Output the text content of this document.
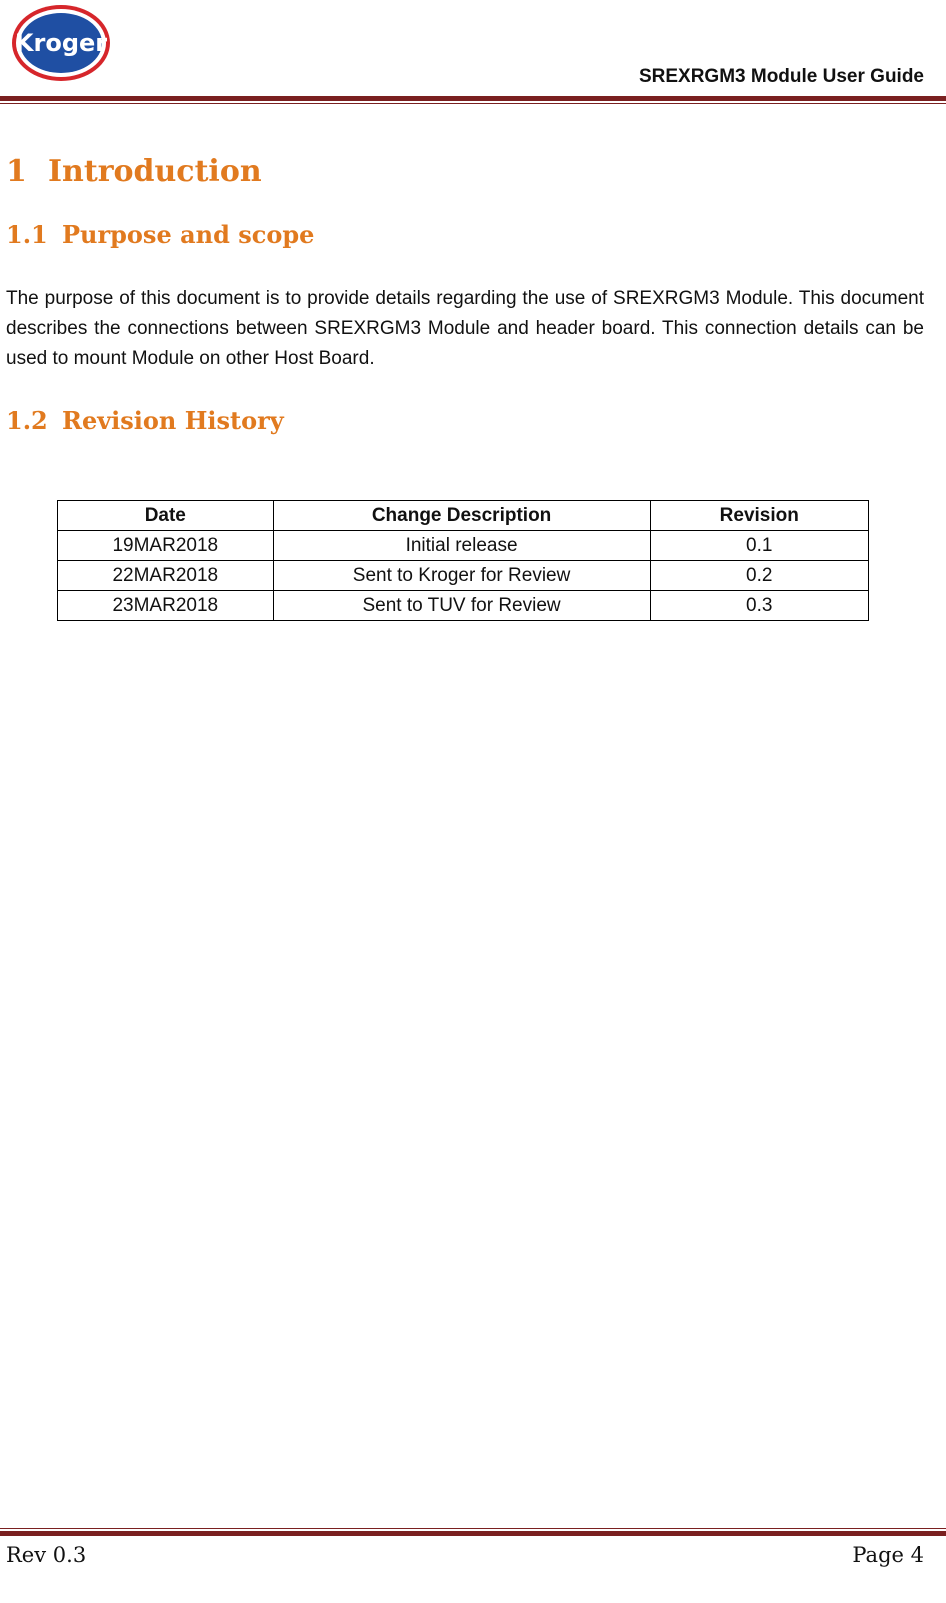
Kroger
SREXRGM3 Module User Guide
1 Introduction
1.1 Purpose and scope

The purpose of this document is to provide details regarding the use of SREXRGM3 Module. This document describes the connections between SREXRGM3 Module and header board. This connection details can be used to mount Module on other Host Board.

1.2 Revision History
Date	Change Description	Revision
19MAR2018	Initial release	0.1
22MAR2018	Sent to Kroger for Review	0.2
23MAR2018	Sent to TUV for Review	0.3
Rev 0.3	Page 4
